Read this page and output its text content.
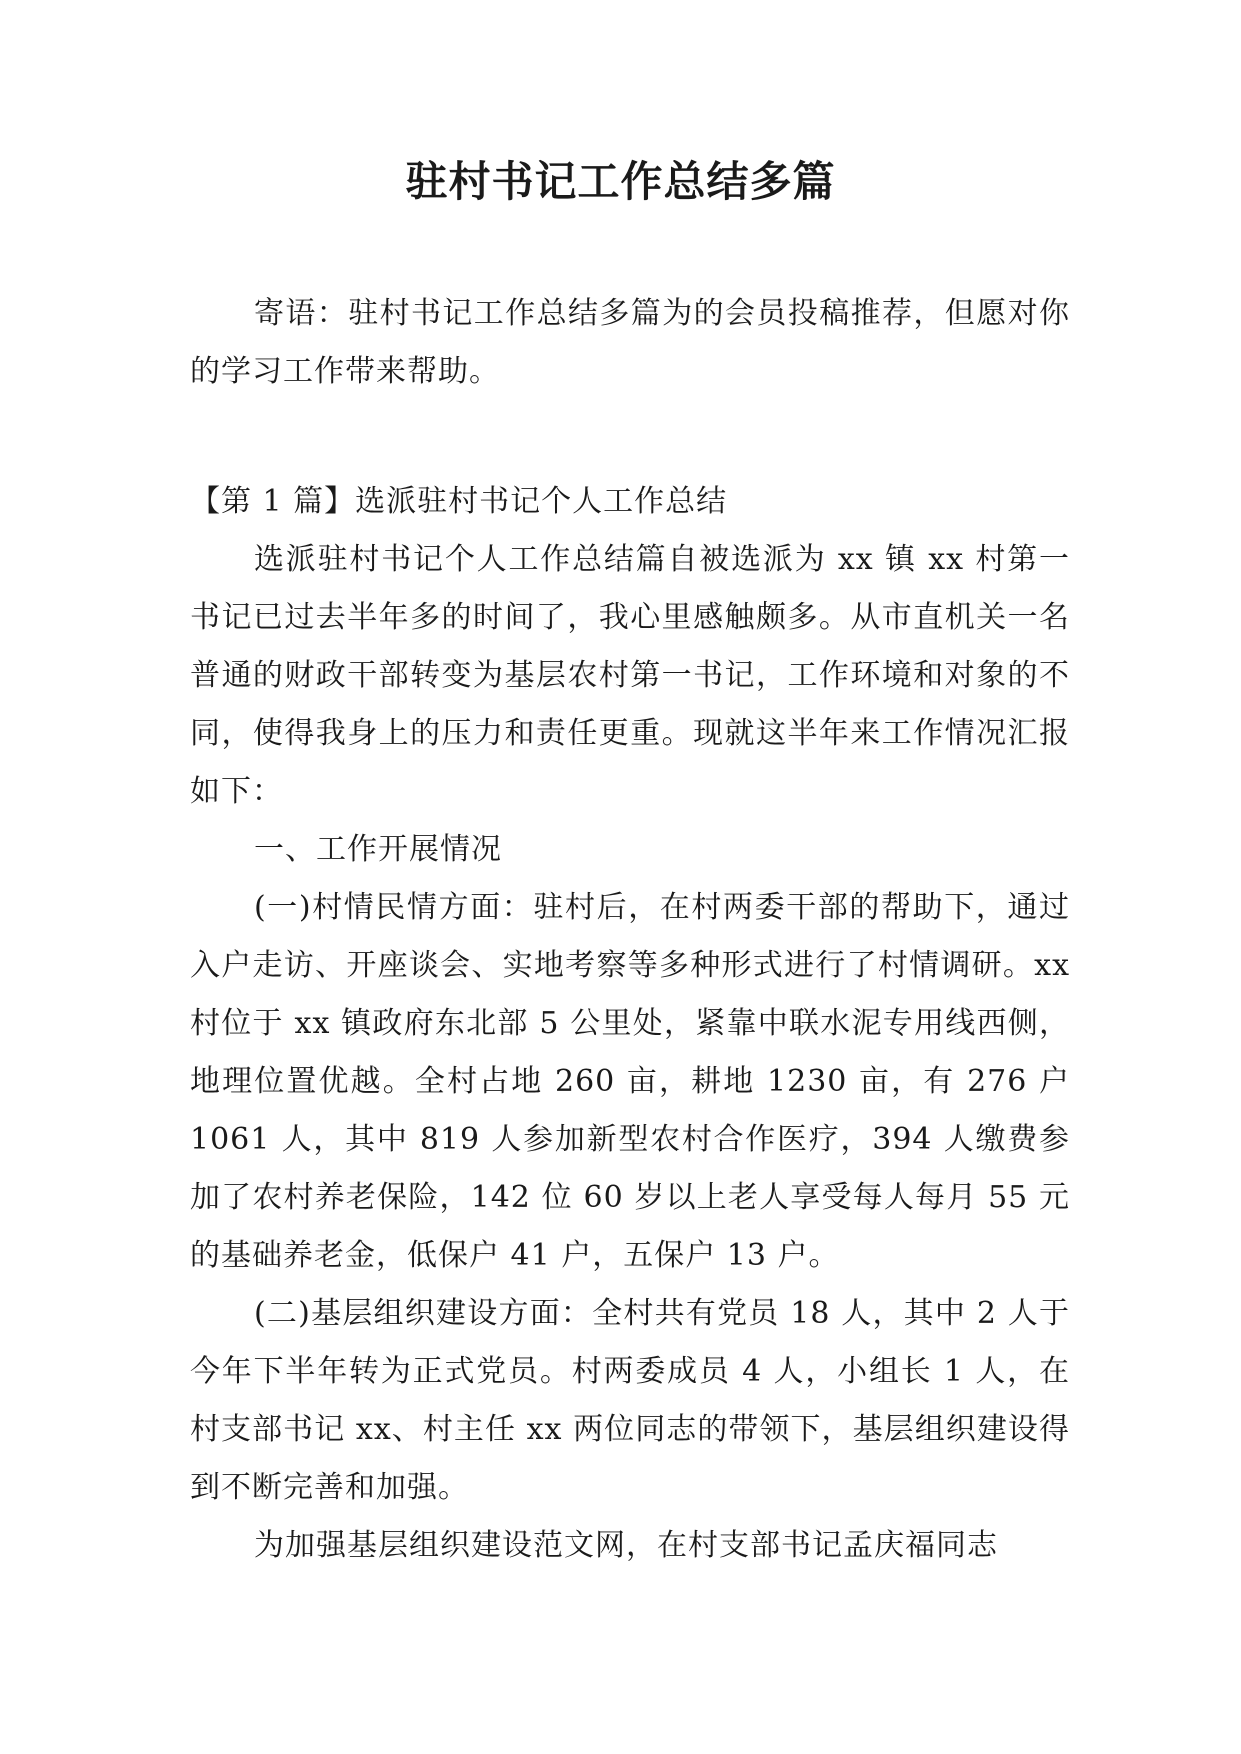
驻村书记工作总结多篇

寄语：驻村书记工作总结多篇为的会员投稿推荐，但愿对你的学习工作带来帮助。

【第 1 篇】选派驻村书记个人工作总结

选派驻村书记个人工作总结篇自被选派为 xx 镇 xx 村第一书记已过去半年多的时间了，我心里感触颇多。从市直机关一名普通的财政干部转变为基层农村第一书记，工作环境和对象的不同，使得我身上的压力和责任更重。现就这半年来工作情况汇报如下：

一、工作开展情况

(一)村情民情方面：驻村后，在村两委干部的帮助下，通过入户走访、开座谈会、实地考察等多种形式进行了村情调研。xx 村位于 xx 镇政府东北部 5 公里处，紧靠中联水泥专用线西侧，地理位置优越。全村占地 260 亩，耕地 1230 亩，有 276 户 1061 人，其中 819 人参加新型农村合作医疗，394 人缴费参加了农村养老保险，142 位 60 岁以上老人享受每人每月 55 元的基础养老金，低保户 41 户，五保户 13 户。

(二)基层组织建设方面：全村共有党员 18 人，其中 2 人于今年下半年转为正式党员。村两委成员 4 人，小组长 1 人，在村支部书记 xx、村主任 xx 两位同志的带领下，基层组织建设得到不断完善和加强。

为加强基层组织建设范文网，在村支部书记孟庆福同志
